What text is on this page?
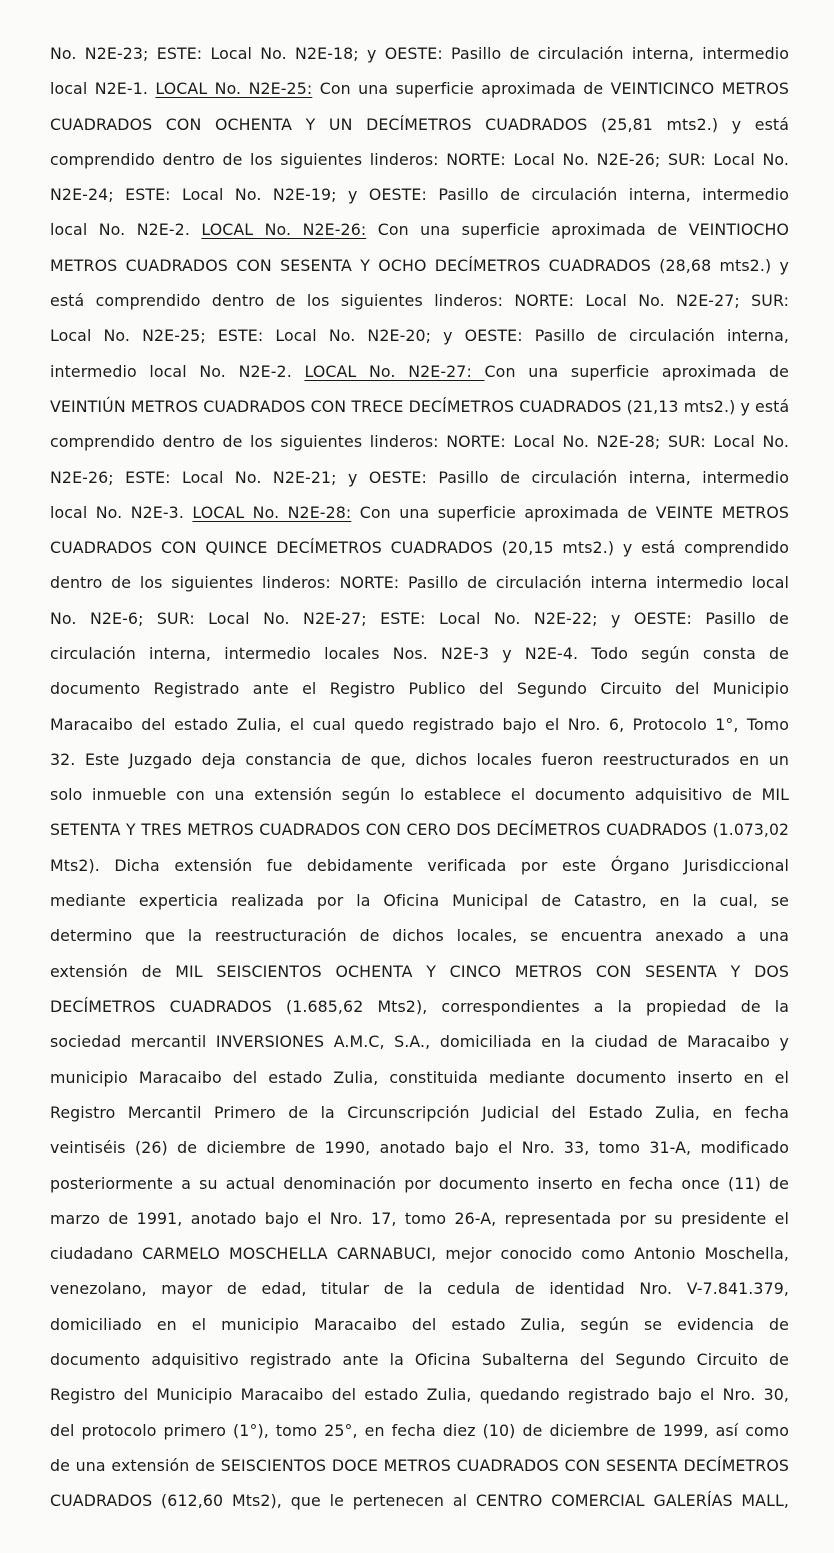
No. N2E-23; ESTE: Local No. N2E-18; y OESTE: Pasillo de circulación interna, intermedio
local N2E-1. LOCAL No. N2E-25: Con una superficie aproximada de VEINTICINCO METROS
CUADRADOS CON OCHENTA Y UN DECÍMETROS CUADRADOS (25,81 mts2.) y está
comprendido dentro de los siguientes linderos: NORTE: Local No. N2E-26; SUR: Local No.
N2E-24; ESTE: Local No. N2E-19; y OESTE: Pasillo de circulación interna, intermedio
local No. N2E-2. LOCAL No. N2E-26: Con una superficie aproximada de VEINTIOCHO
METROS CUADRADOS CON SESENTA Y OCHO DECÍMETROS CUADRADOS (28,68 mts2.) y
está comprendido dentro de los siguientes linderos: NORTE: Local No. N2E-27; SUR:
Local No. N2E-25; ESTE: Local No. N2E-20; y OESTE: Pasillo de circulación interna,
intermedio local No. N2E-2. LOCAL No. N2E-27: Con una superficie aproximada de
VEINTIÚN METROS CUADRADOS CON TRECE DECÍMETROS CUADRADOS (21,13 mts2.) y está
comprendido dentro de los siguientes linderos: NORTE: Local No. N2E-28; SUR: Local No.
N2E-26; ESTE: Local No. N2E-21; y OESTE: Pasillo de circulación interna, intermedio
local No. N2E-3. LOCAL No. N2E-28: Con una superficie aproximada de VEINTE METROS
CUADRADOS CON QUINCE DECÍMETROS CUADRADOS (20,15 mts2.) y está comprendido
dentro de los siguientes linderos: NORTE: Pasillo de circulación interna intermedio local
No. N2E-6; SUR: Local No. N2E-27; ESTE: Local No. N2E-22; y OESTE: Pasillo de
circulación interna, intermedio locales Nos. N2E-3 y N2E-4. Todo según consta de
documento Registrado ante el Registro Publico del Segundo Circuito del Municipio
Maracaibo del estado Zulia, el cual quedo registrado bajo el Nro. 6, Protocolo 1°, Tomo
32. Este Juzgado deja constancia de que, dichos locales fueron reestructurados en un
solo inmueble con una extensión según lo establece el documento adquisitivo de MIL
SETENTA Y TRES METROS CUADRADOS CON CERO DOS DECÍMETROS CUADRADOS (1.073,02
Mts2). Dicha extensión fue debidamente verificada por este Órgano Jurisdiccional
mediante experticia realizada por la Oficina Municipal de Catastro, en la cual, se
determino que la reestructuración de dichos locales, se encuentra anexado a una
extensión de MIL SEISCIENTOS OCHENTA Y CINCO METROS CON SESENTA Y DOS
DECÍMETROS CUADRADOS (1.685,62 Mts2), correspondientes a la propiedad de la
sociedad mercantil INVERSIONES A.M.C, S.A., domiciliada en la ciudad de Maracaibo y
municipio Maracaibo del estado Zulia, constituida mediante documento inserto en el
Registro Mercantil Primero de la Circunscripción Judicial del Estado Zulia, en fecha
veintiséis (26) de diciembre de 1990, anotado bajo el Nro. 33, tomo 31-A, modificado
posteriormente a su actual denominación por documento inserto en fecha once (11) de
marzo de 1991, anotado bajo el Nro. 17, tomo 26-A, representada por su presidente el
ciudadano CARMELO MOSCHELLA CARNABUCI, mejor conocido como Antonio Moschella,
venezolano, mayor de edad, titular de la cedula de identidad Nro. V-7.841.379,
domiciliado en el municipio Maracaibo del estado Zulia, según se evidencia de
documento adquisitivo registrado ante la Oficina Subalterna del Segundo Circuito de
Registro del Municipio Maracaibo del estado Zulia, quedando registrado bajo el Nro. 30,
del protocolo primero (1°), tomo 25°, en fecha diez (10) de diciembre de 1999, así como
de una extensión de SEISCIENTOS DOCE METROS CUADRADOS CON SESENTA DECÍMETROS
CUADRADOS (612,60 Mts2), que le pertenecen al CENTRO COMERCIAL GALERÍAS MALL,
